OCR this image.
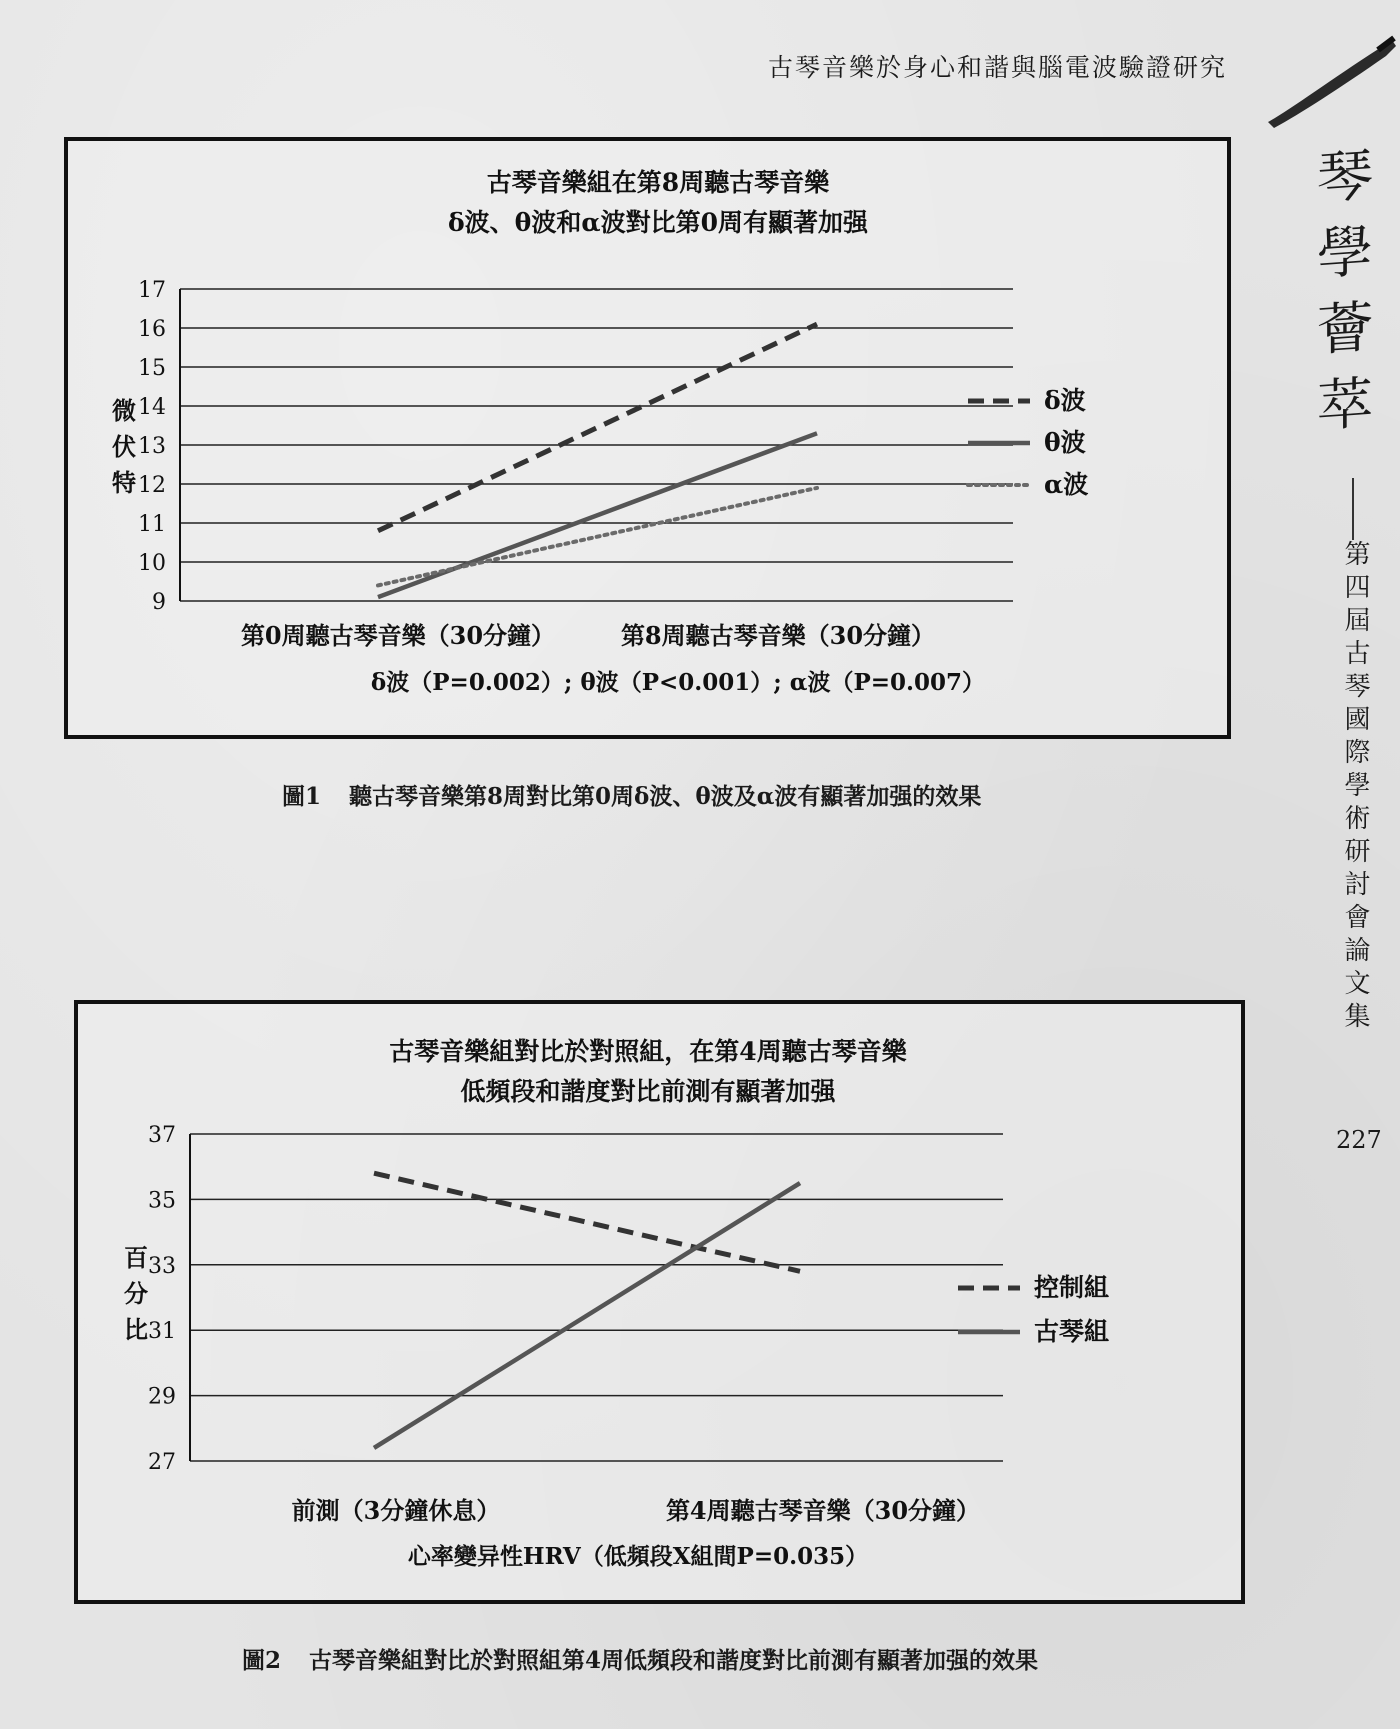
古琴音樂於身心和諧與腦電波驗證研究
琴
學
薈
萃
第四屆古琴國際學術研討會論文集
227
古琴音樂組在第8周聽古琴音樂
δ波、θ波和α波對比第0周有顯著加强
17
16
15
14
13
12
11
10
9
微
伏
特
第0周聽古琴音樂（30分鐘）	第8周聽古琴音樂（30分鐘）
δ波（P=0.002）; θ波（P<0.001）; α波（P=0.007）
δ波
θ波
α波
圖1 聽古琴音樂第8周對比第0周δ波、θ波及α波有顯著加强的效果
古琴音樂組對比於對照組，在第4周聽古琴音樂
低頻段和諧度對比前測有顯著加强
37
35
33
31
29
27
百
分
比
前測（3分鐘休息）	第4周聽古琴音樂（30分鐘）
心率變异性HRV（低頻段X組間P=0.035）
控制組
古琴組
圖2 古琴音樂組對比於對照組第4周低頻段和諧度對比前測有顯著加强的效果
